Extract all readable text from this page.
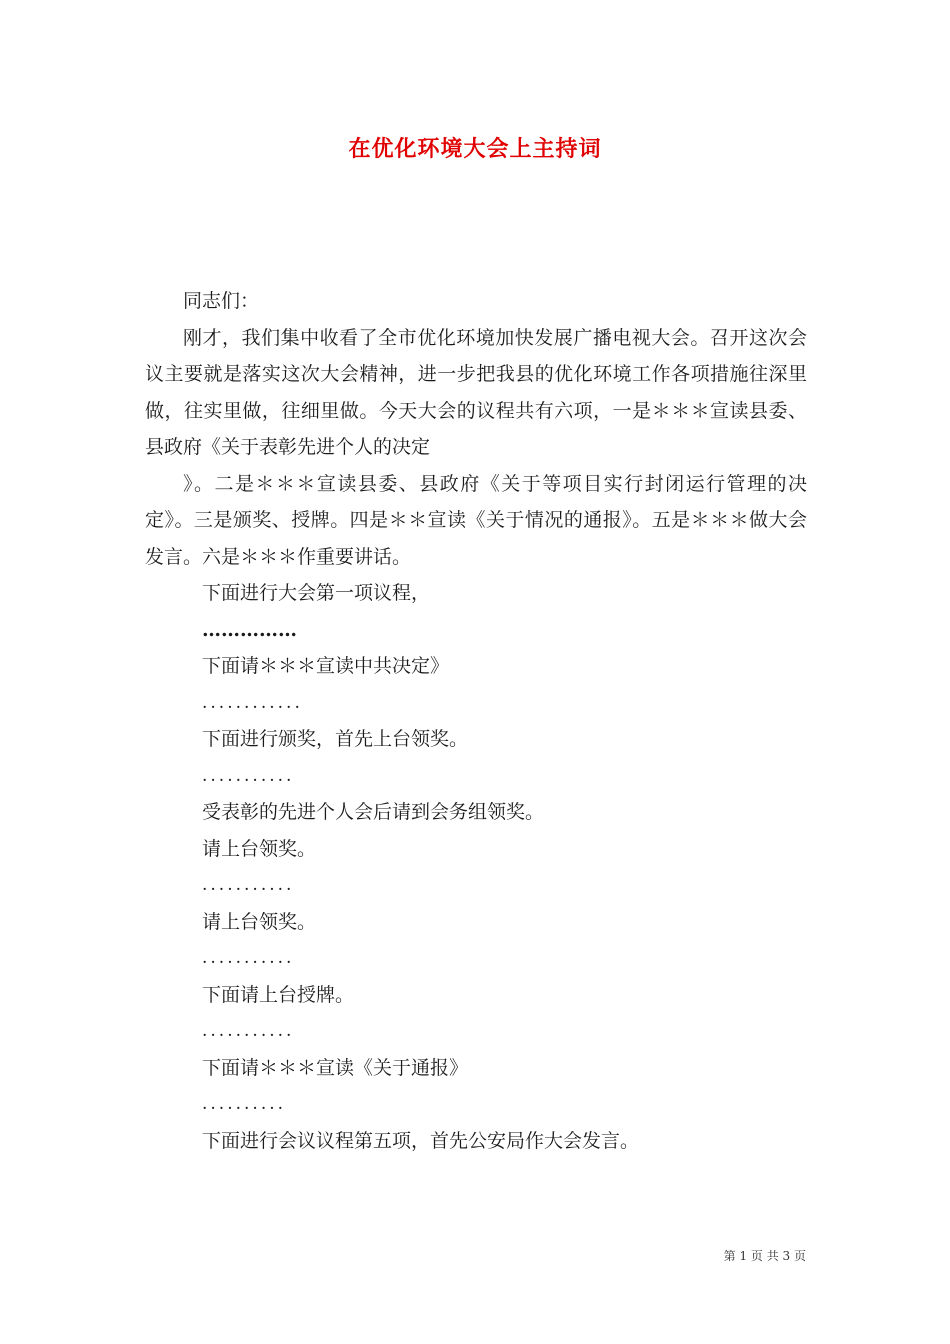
在优化环境大会上主持词

同志们：

刚才，我们集中收看了全市优化环境加快发展广播电视大会。召开这次会议主要就是落实这次大会精神，进一步把我县的优化环境工作各项措施往深里做，往实里做，往细里做。今天大会的议程共有六项，一是＊＊＊宣读县委、县政府《关于表彰先进个人的决定

》。二是＊＊＊宣读县委、县政府《关于等项目实行封闭运行管理的决定》。三是颁奖、授牌。四是＊＊宣读《关于情况的通报》。五是＊＊＊做大会发言。六是＊＊＊作重要讲话。

下面进行大会第一项议程，

……………

下面请＊＊＊宣读中共决定》

............

下面进行颁奖，首先上台领奖。

...........

受表彰的先进个人会后请到会务组领奖。

请上台领奖。

...........

请上台领奖。

...........

下面请上台授牌。

...........

下面请＊＊＊宣读《关于通报》

..........

下面进行会议议程第五项，首先公安局作大会发言。

第 1 页 共 3 页
